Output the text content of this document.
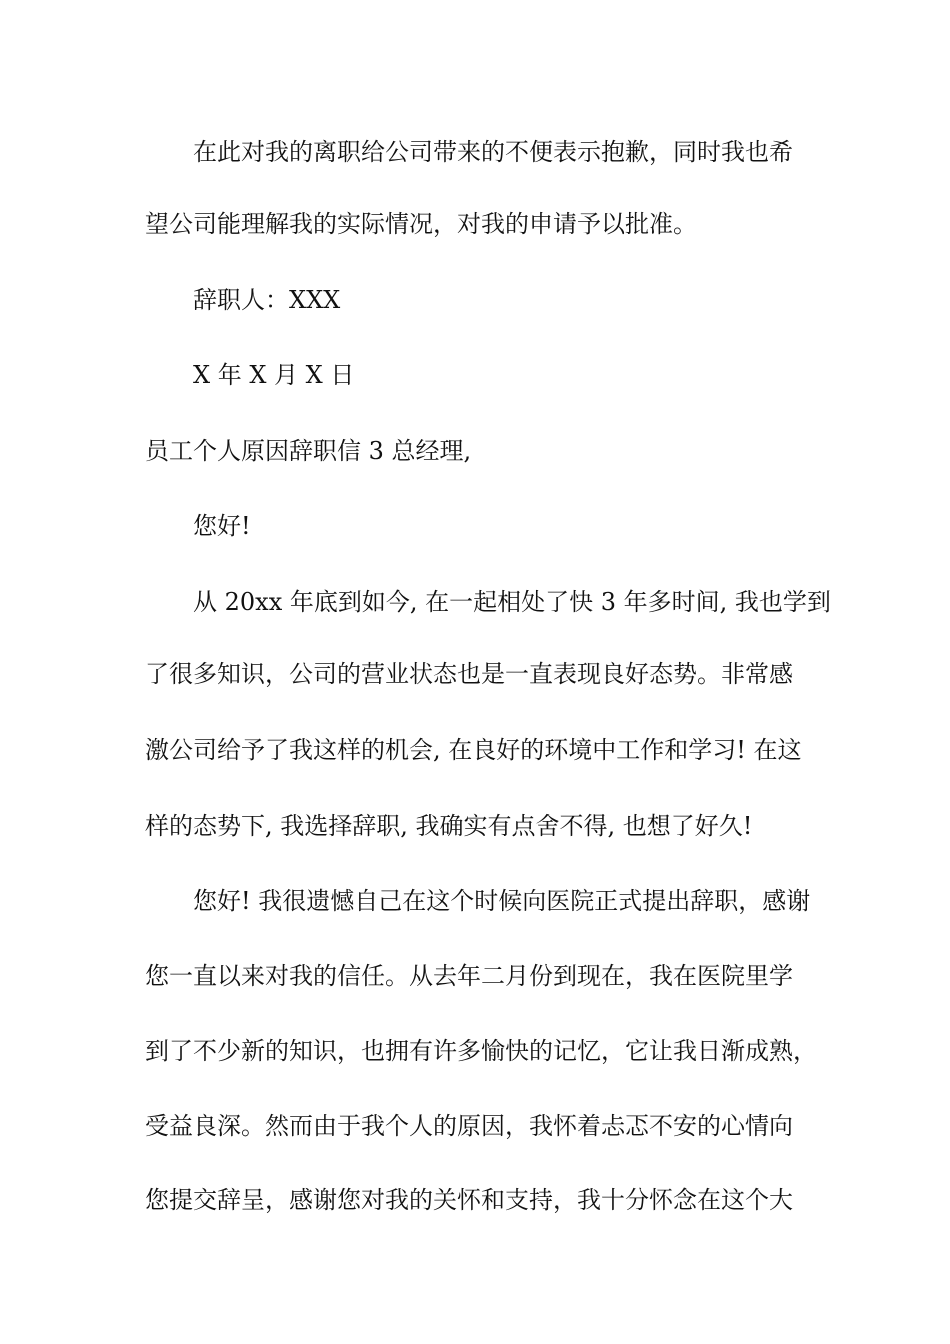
在此对我的离职给公司带来的不便表示抱歉，同时我也希
望公司能理解我的实际情况，对我的申请予以批准。
辞职人：XXX
X 年 X 月 X 日
员工个人原因辞职信 3 总经理,
您好!
从 20xx 年底到如今, 在一起相处了快 3 年多时间, 我也学到
了很多知识，公司的营业状态也是一直表现良好态势。非常感
激公司给予了我这样的机会, 在良好的环境中工作和学习! 在这
样的态势下, 我选择辞职, 我确实有点舍不得, 也想了好久!
您好! 我很遗憾自己在这个时候向医院正式提出辞职，感谢
您一直以来对我的信任。从去年二月份到现在，我在医院里学
到了不少新的知识，也拥有许多愉快的记忆，它让我日渐成熟，
受益良深。然而由于我个人的原因，我怀着忐忑不安的心情向
您提交辞呈，感谢您对我的关怀和支持，我十分怀念在这个大
